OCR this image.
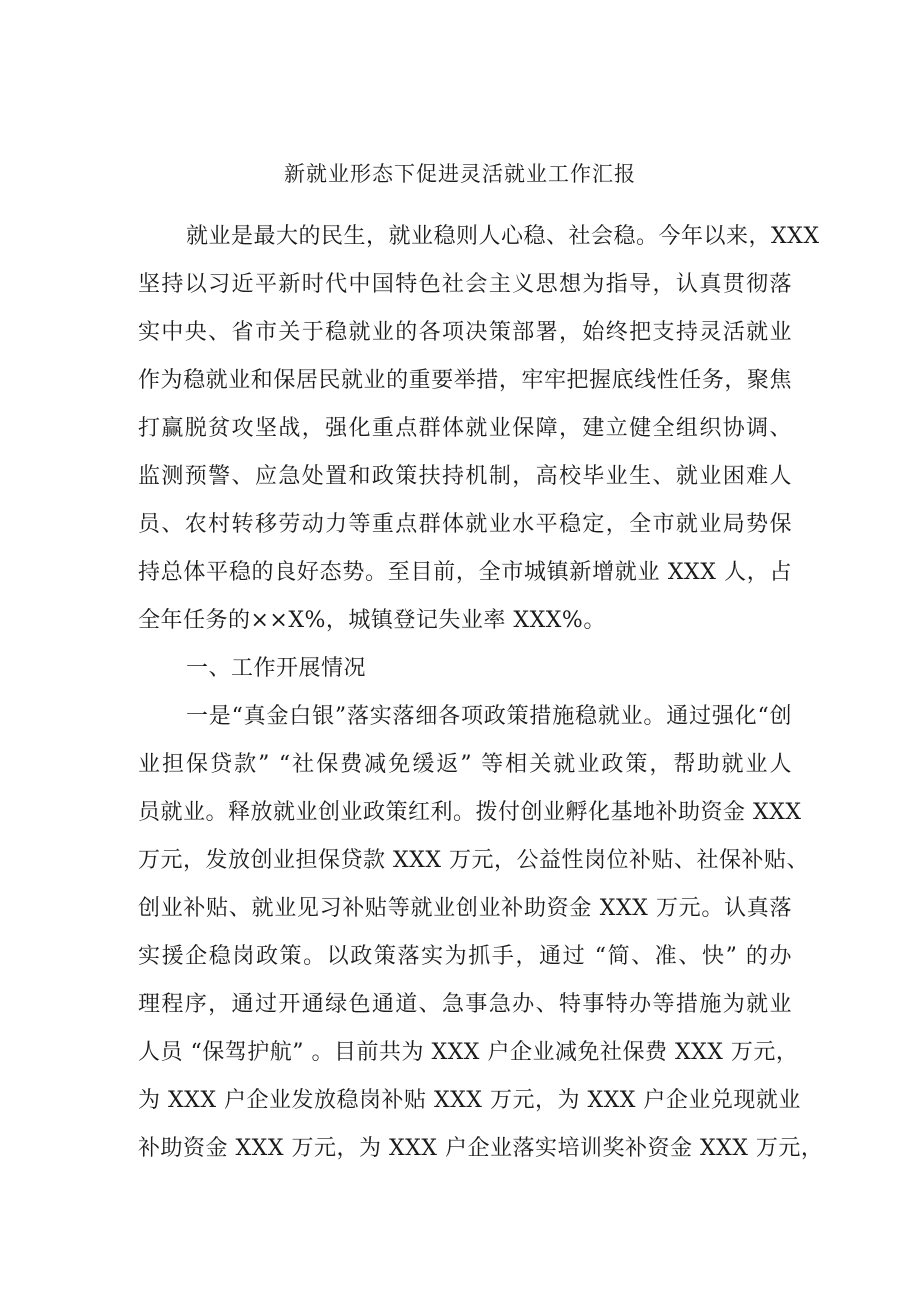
新就业形态下促进灵活就业工作汇报
就业是最大的民生，就业稳则人心稳、社会稳。今年以来，XXX
坚持以习近平新时代中国特色社会主义思想为指导，认真贯彻落
实中央、省市关于稳就业的各项决策部署，始终把支持灵活就业
作为稳就业和保居民就业的重要举措，牢牢把握底线性任务，聚焦
打赢脱贫攻坚战，强化重点群体就业保障，建立健全组织协调、
监测预警、应急处置和政策扶持机制，高校毕业生、就业困难人
员、农村转移劳动力等重点群体就业水平稳定，全市就业局势保
持总体平稳的良好态势。至目前，全市城镇新增就业 XXX 人，占
全年任务的××X%，城镇登记失业率 XXX%。
一、工作开展情况
一是“真金白银”落实落细各项政策措施稳就业。通过强化“创
业担保贷款” “社保费减免缓返” 等相关就业政策，帮助就业人
员就业。释放就业创业政策红利。拨付创业孵化基地补助资金 XXX
万元，发放创业担保贷款 XXX 万元，公益性岗位补贴、社保补贴、
创业补贴、就业见习补贴等就业创业补助资金 XXX 万元。认真落
实援企稳岗政策。以政策落实为抓手，通过 “简、准、快” 的办
理程序，通过开通绿色通道、急事急办、特事特办等措施为就业
人员 “保驾护航” 。目前共为 XXX 户企业减免社保费 XXX 万元，
为 XXX 户企业发放稳岗补贴 XXX 万元，为 XXX 户企业兑现就业
补助资金 XXX 万元，为 XXX 户企业落实培训奖补资金 XXX 万元，
